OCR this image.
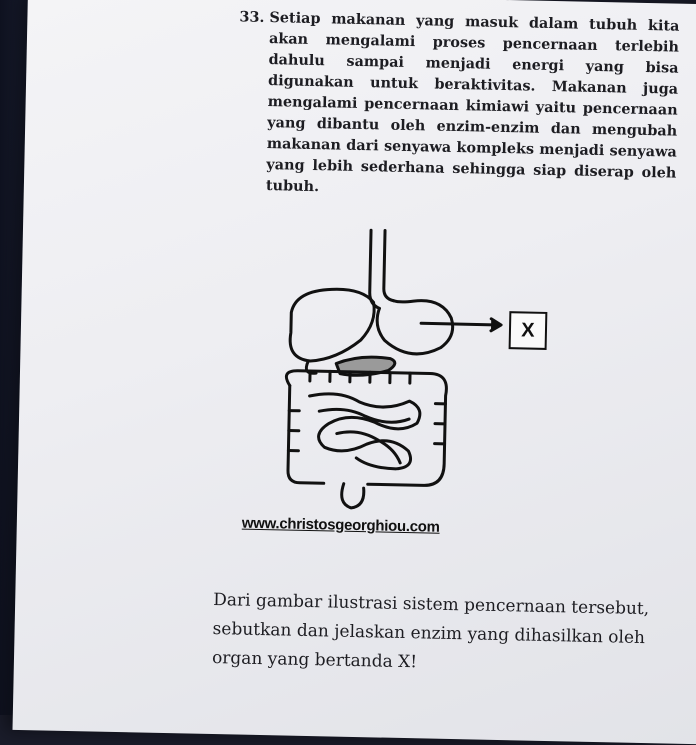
33. Setiap makanan yang masuk dalam tubuh kita akan mengalami proses pencernaan terlebih dahulu sampai menjadi energi yang bisa digunakan untuk beraktivitas. Makanan juga mengalami pencernaan kimiawi yaitu pencernaan yang dibantu oleh enzim-enzim dan mengubah makanan dari senyawa kompleks menjadi senyawa yang lebih sederhana sehingga siap diserap oleh tubuh.
X
www.christosgeorghiou.com
Dari gambar ilustrasi sistem pencernaan tersebut, sebutkan dan jelaskan enzim yang dihasilkan oleh organ yang bertanda X!
